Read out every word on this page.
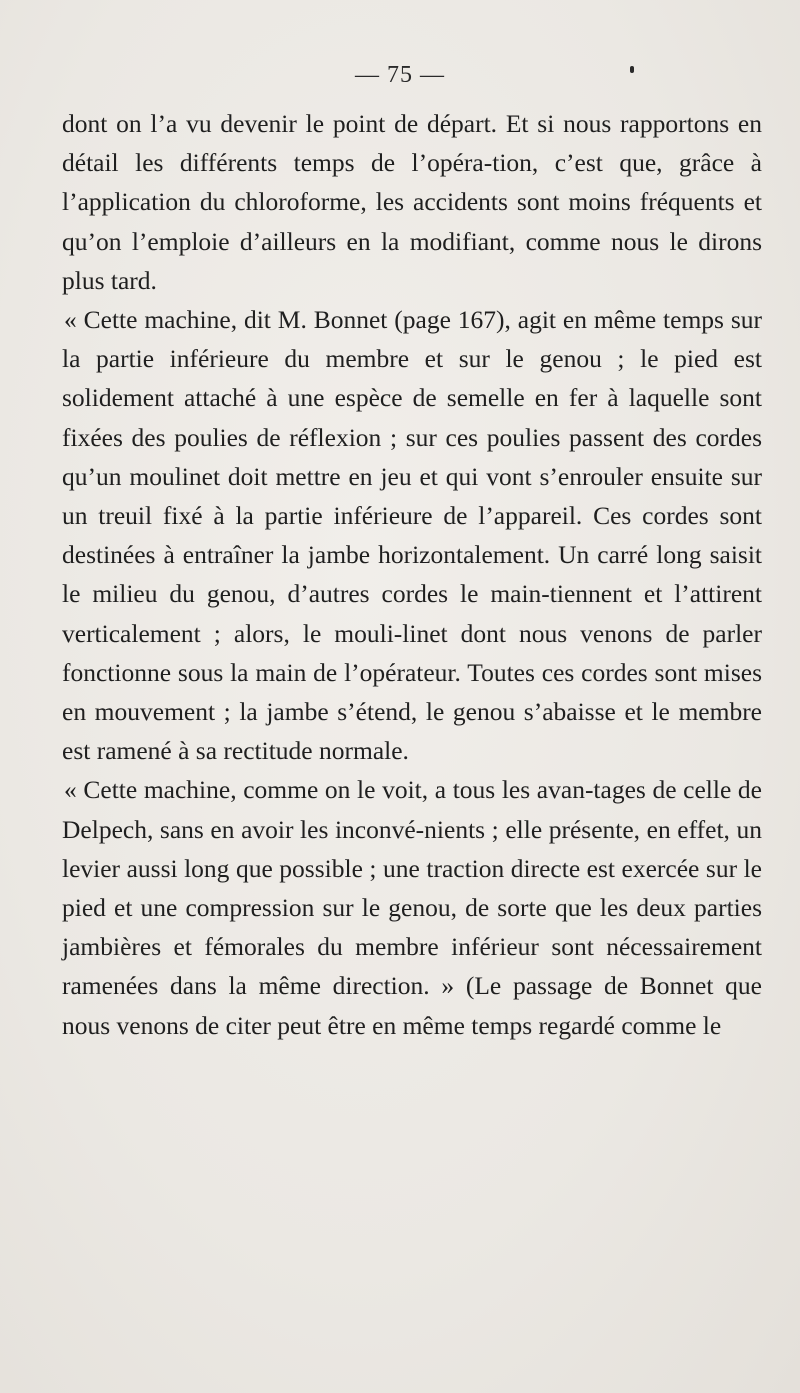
— 75 —

dont on l’a vu devenir le point de départ. Et si nous rapportons en détail les différents temps de l’opéra-tion, c’est que, grâce à l’application du chloroforme, les accidents sont moins fréquents et qu’on l’emploie d’ailleurs en la modifiant, comme nous le dirons plus tard.

« Cette machine, dit M. Bonnet (page 167), agit en même temps sur la partie inférieure du membre et sur le genou ; le pied est solidement attaché à une espèce de semelle en fer à laquelle sont fixées des poulies de réflexion ; sur ces poulies passent des cordes qu’un moulinet doit mettre en jeu et qui vont s’enrouler ensuite sur un treuil fixé à la partie inférieure de l’appareil. Ces cordes sont destinées à entraîner la jambe horizontalement. Un carré long saisit le milieu du genou, d’autres cordes le main-tiennent et l’attirent verticalement ; alors, le mouli-linet dont nous venons de parler fonctionne sous la main de l’opérateur. Toutes ces cordes sont mises en mouvement ; la jambe s’étend, le genou s’abaisse et le membre est ramené à sa rectitude normale.

« Cette machine, comme on le voit, a tous les avan-tages de celle de Delpech, sans en avoir les inconvé-nients ; elle présente, en effet, un levier aussi long que possible ; une traction directe est exercée sur le pied et une compression sur le genou, de sorte que les deux parties jambières et fémorales du membre inférieur sont nécessairement ramenées dans la même direction. » (Le passage de Bonnet que nous venons de citer peut être en même temps regardé comme le
